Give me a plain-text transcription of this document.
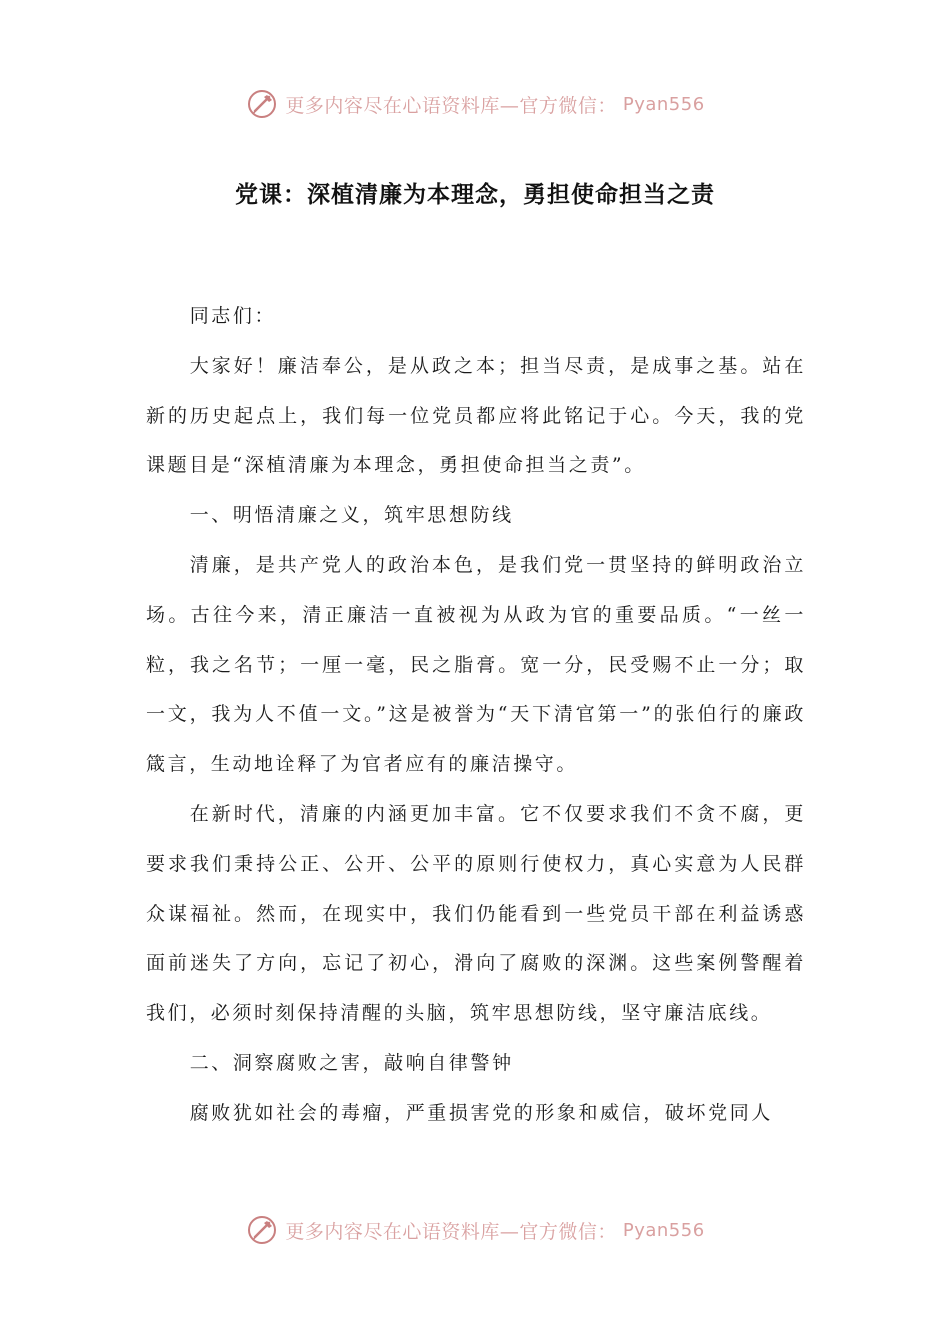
更多内容尽在心语资料库—官方微信： Pyan556
党课：深植清廉为本理念，勇担使命担当之责

同志们：

大家好！廉洁奉公，是从政之本；担当尽责，是成事之基。站在新的历史起点上，我们每一位党员都应将此铭记于心。今天，我的党课题目是“深植清廉为本理念，勇担使命担当之责”。

一、明悟清廉之义，筑牢思想防线

清廉，是共产党人的政治本色，是我们党一贯坚持的鲜明政治立场。古往今来，清正廉洁一直被视为从政为官的重要品质。“一丝一粒，我之名节；一厘一毫，民之脂膏。宽一分，民受赐不止一分；取一文，我为人不值一文。”这是被誉为“天下清官第一”的张伯行的廉政箴言，生动地诠释了为官者应有的廉洁操守。

在新时代，清廉的内涵更加丰富。它不仅要求我们不贪不腐，更要求我们秉持公正、公开、公平的原则行使权力，真心实意为人民群众谋福祉。然而，在现实中，我们仍能看到一些党员干部在利益诱惑面前迷失了方向，忘记了初心，滑向了腐败的深渊。这些案例警醒着我们，必须时刻保持清醒的头脑，筑牢思想防线，坚守廉洁底线。

二、洞察腐败之害，敲响自律警钟

腐败犹如社会的毒瘤，严重损害党的形象和威信，破坏党同人

更多内容尽在心语资料库—官方微信： Pyan556
